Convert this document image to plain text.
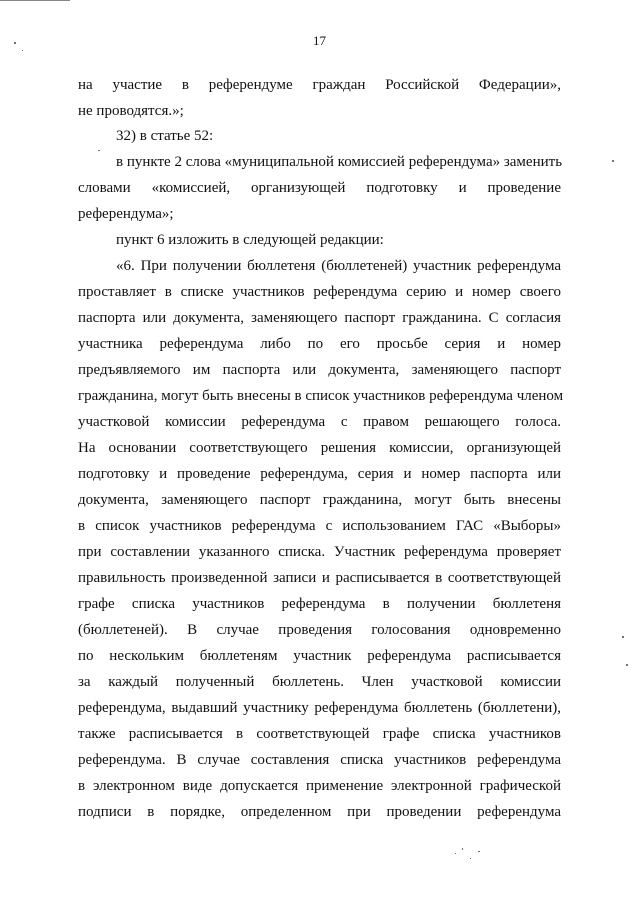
17
на участие в референдуме граждан Российской Федерации»,
не проводятся.»;
32) в статье 52:
в пункте 2 слова «муниципальной комиссией референдума» заменить
словами «комиссией, организующей подготовку и проведение
референдума»;
пункт 6 изложить в следующей редакции:
«6. При получении бюллетеня (бюллетеней) участник референдума
проставляет в списке участников референдума серию и номер своего
паспорта или документа, заменяющего паспорт гражданина. С согласия
участника референдума либо по его просьбе серия и номер
предъявляемого им паспорта или документа, заменяющего паспорт
гражданина, могут быть внесены в список участников референдума членом
участковой комиссии референдума с правом решающего голоса.
На основании соответствующего решения комиссии, организующей
подготовку и проведение референдума, серия и номер паспорта или
документа, заменяющего паспорт гражданина, могут быть внесены
в список участников референдума с использованием ГАС «Выборы»
при составлении указанного списка. Участник референдума проверяет
правильность произведенной записи и расписывается в соответствующей
графе списка участников референдума в получении бюллетеня
(бюллетеней). В случае проведения голосования одновременно
по нескольким бюллетеням участник референдума расписывается
за каждый полученный бюллетень. Член участковой комиссии
референдума, выдавший участнику референдума бюллетень (бюллетени),
также расписывается в соответствующей графе списка участников
референдума. В случае составления списка участников референдума
в электронном виде допускается применение электронной графической
подписи в порядке, определенном при проведении референдума
